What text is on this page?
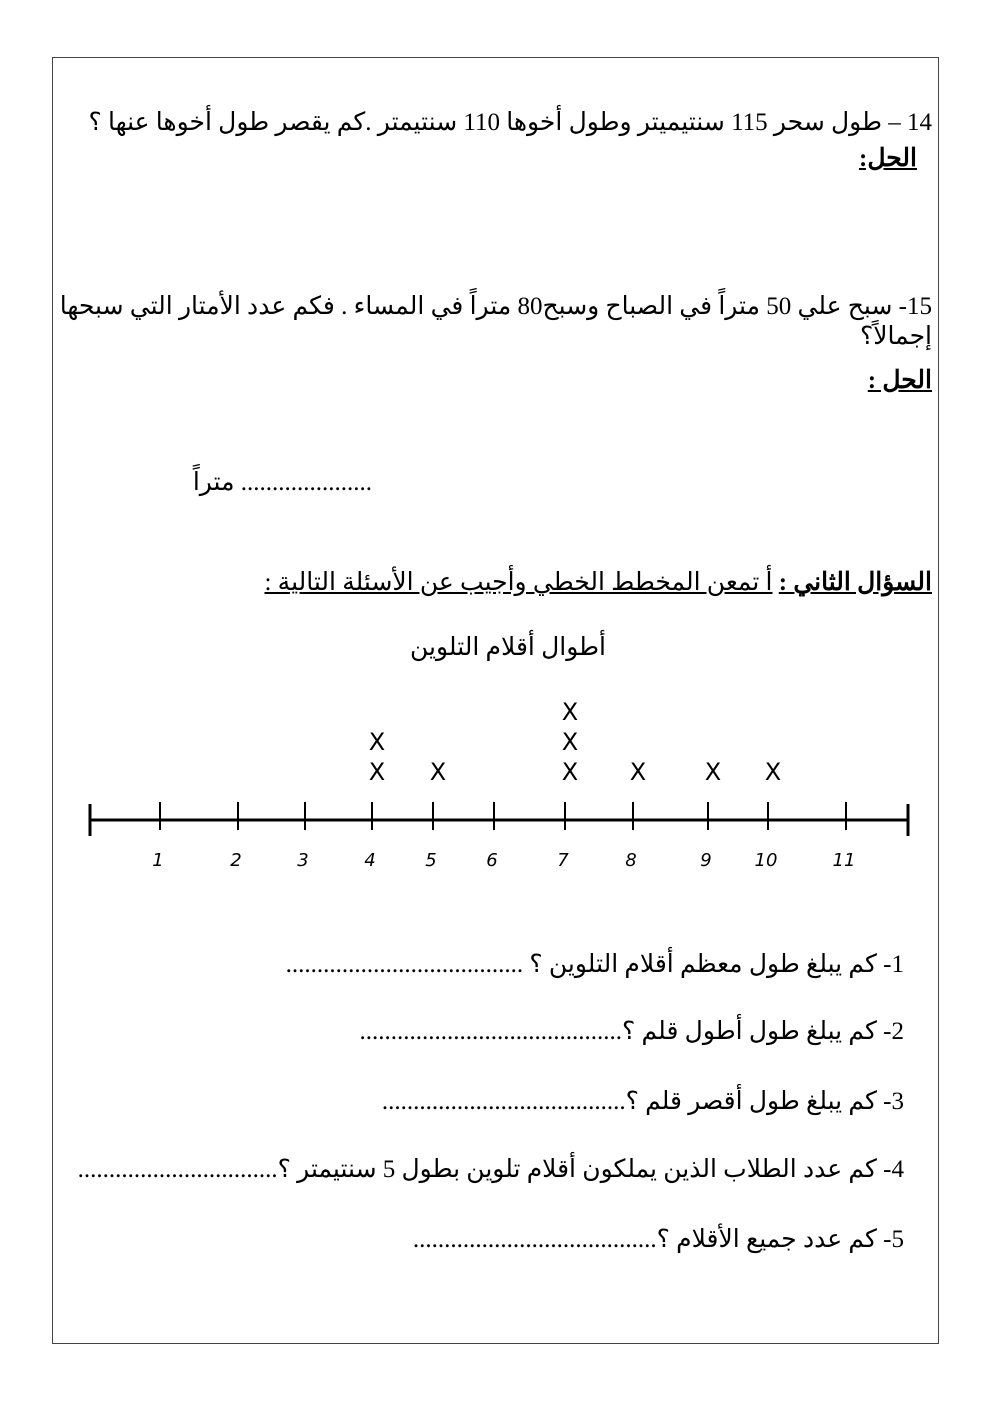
14 – طول سحر 115 سنتيميتر وطول أخوها 110 سنتيمتر .كم يقصر طول أخوها عنها ؟
الحل:
15- سبح علي 50 متراً في الصباح وسبح80 متراً في المساء . فكم عدد الأمتار التي سبحها
إجمالاً؟
الحل :
..................... متراً
السؤال الثاني : أ تمعن المخطط الخطي وأجيب عن الأسئلة التالية :
أطوال أقلام التلوين
1	2	3	4
X
X
5
X
6	7
X
X
X
8
X
9
X
10
X
11
1- كم يبلغ طول معظم أقلام التلوين ؟ ......................................
2- كم يبلغ طول أطول قلم ؟..........................................
3- كم يبلغ طول أقصر قلم ؟.......................................
4- كم عدد الطلاب الذين يملكون أقلام تلوين بطول 5 سنتيمتر ؟................................
5- كم عدد جميع الأقلام ؟.......................................
